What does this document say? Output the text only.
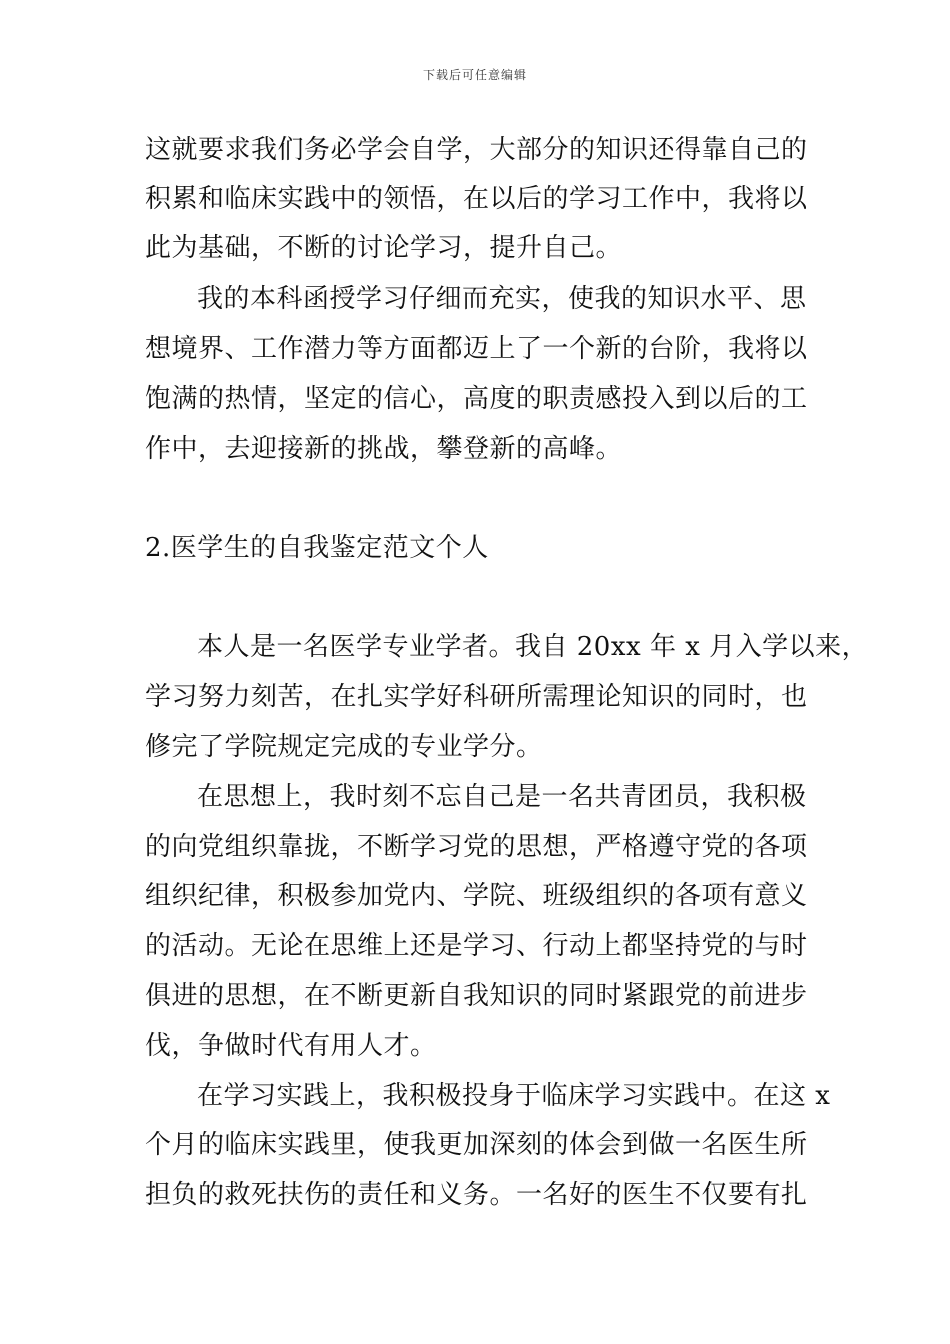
下载后可任意编辑
这就要求我们务必学会自学，大部分的知识还得靠自己的
积累和临床实践中的领悟，在以后的学习工作中，我将以
此为基础，不断的讨论学习，提升自己。
我的本科函授学习仔细而充实，使我的知识水平、思
想境界、工作潜力等方面都迈上了一个新的台阶，我将以
饱满的热情，坚定的信心，高度的职责感投入到以后的工
作中，去迎接新的挑战，攀登新的高峰。
2.医学生的自我鉴定范文个人
本人是一名医学专业学者。我自 20xx 年 x 月入学以来，
学习努力刻苦，在扎实学好科研所需理论知识的同时，也
修完了学院规定完成的专业学分。
在思想上，我时刻不忘自己是一名共青团员，我积极
的向党组织靠拢，不断学习党的思想，严格遵守党的各项
组织纪律，积极参加党内、学院、班级组织的各项有意义
的活动。无论在思维上还是学习、行动上都坚持党的与时
俱进的思想，在不断更新自我知识的同时紧跟党的前进步
伐，争做时代有用人才。
在学习实践上，我积极投身于临床学习实践中。在这 x
个月的临床实践里，使我更加深刻的体会到做一名医生所
担负的救死扶伤的责任和义务。一名好的医生不仅要有扎
